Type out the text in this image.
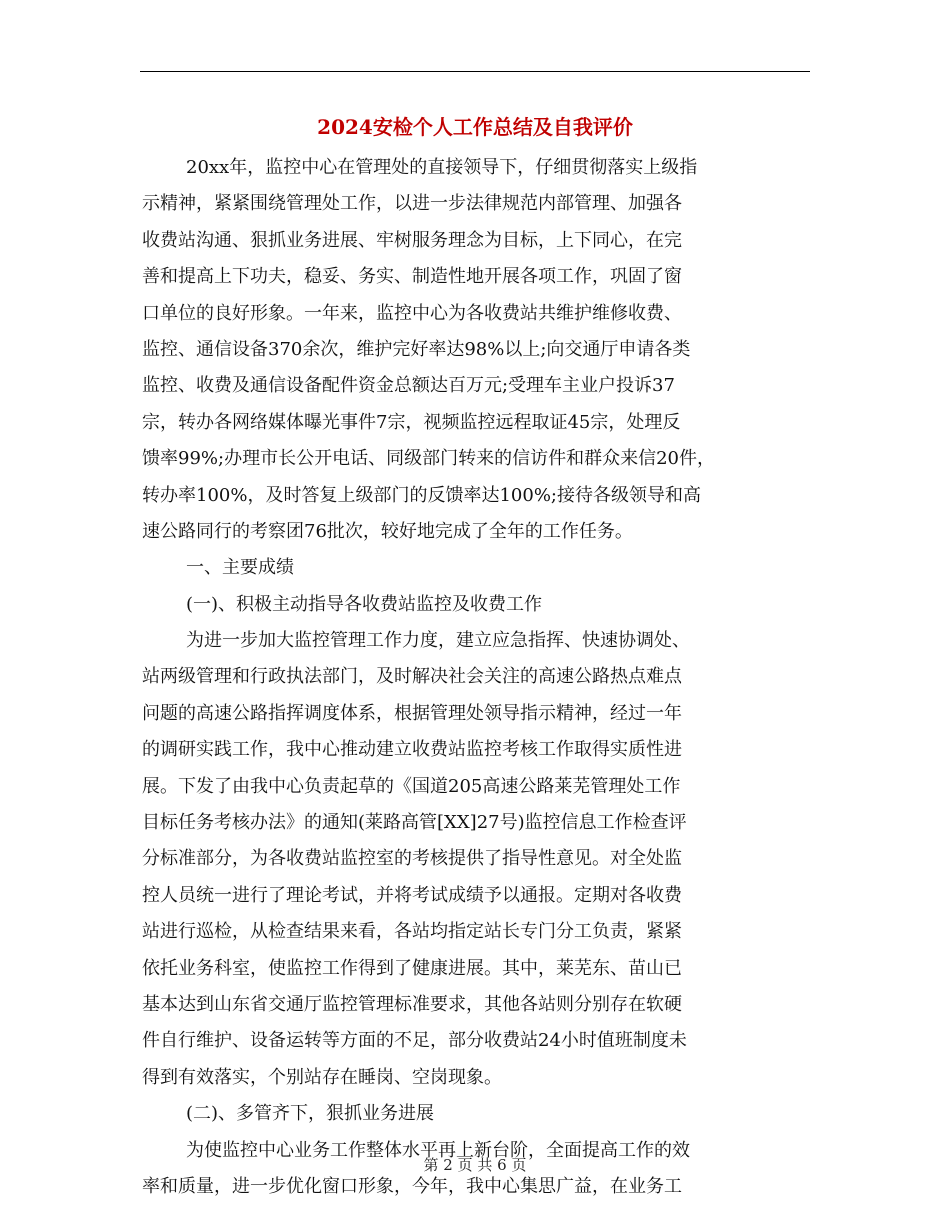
2024安检个人工作总结及自我评价
20xx年，监控中心在管理处的直接领导下，仔细贯彻落实上级指
示精神，紧紧围绕管理处工作，以进一步法律规范内部管理、加强各
收费站沟通、狠抓业务进展、牢树服务理念为目标，上下同心，在完
善和提高上下功夫，稳妥、务实、制造性地开展各项工作，巩固了窗
口单位的良好形象。一年来，监控中心为各收费站共维护维修收费、
监控、通信设备370余次，维护完好率达98%以上;向交通厅申请各类
监控、收费及通信设备配件资金总额达百万元;受理车主业户投诉37
宗，转办各网络媒体曝光事件7宗，视频监控远程取证45宗，处理反
馈率99%;办理市长公开电话、同级部门转来的信访件和群众来信20件，
转办率100%，及时答复上级部门的反馈率达100%;接待各级领导和高
速公路同行的考察团76批次，较好地完成了全年的工作任务。
一、主要成绩
(一)、积极主动指导各收费站监控及收费工作
为进一步加大监控管理工作力度，建立应急指挥、快速协调处、
站两级管理和行政执法部门，及时解决社会关注的高速公路热点难点
问题的高速公路指挥调度体系，根据管理处领导指示精神，经过一年
的调研实践工作，我中心推动建立收费站监控考核工作取得实质性进
展。下发了由我中心负责起草的《国道205高速公路莱芜管理处工作
目标任务考核办法》的通知(莱路高管[XX]27号)监控信息工作检查评
分标准部分，为各收费站监控室的考核提供了指导性意见。对全处监
控人员统一进行了理论考试，并将考试成绩予以通报。定期对各收费
站进行巡检，从检查结果来看，各站均指定站长专门分工负责，紧紧
依托业务科室，使监控工作得到了健康进展。其中，莱芜东、苗山已
基本达到山东省交通厅监控管理标准要求，其他各站则分别存在软硬
件自行维护、设备运转等方面的不足，部分收费站24小时值班制度未
得到有效落实，个别站存在睡岗、空岗现象。
(二)、多管齐下，狠抓业务进展
为使监控中心业务工作整体水平再上新台阶，全面提高工作的效
率和质量，进一步优化窗口形象，今年，我中心集思广益，在业务工
第 2 页 共 6 页
